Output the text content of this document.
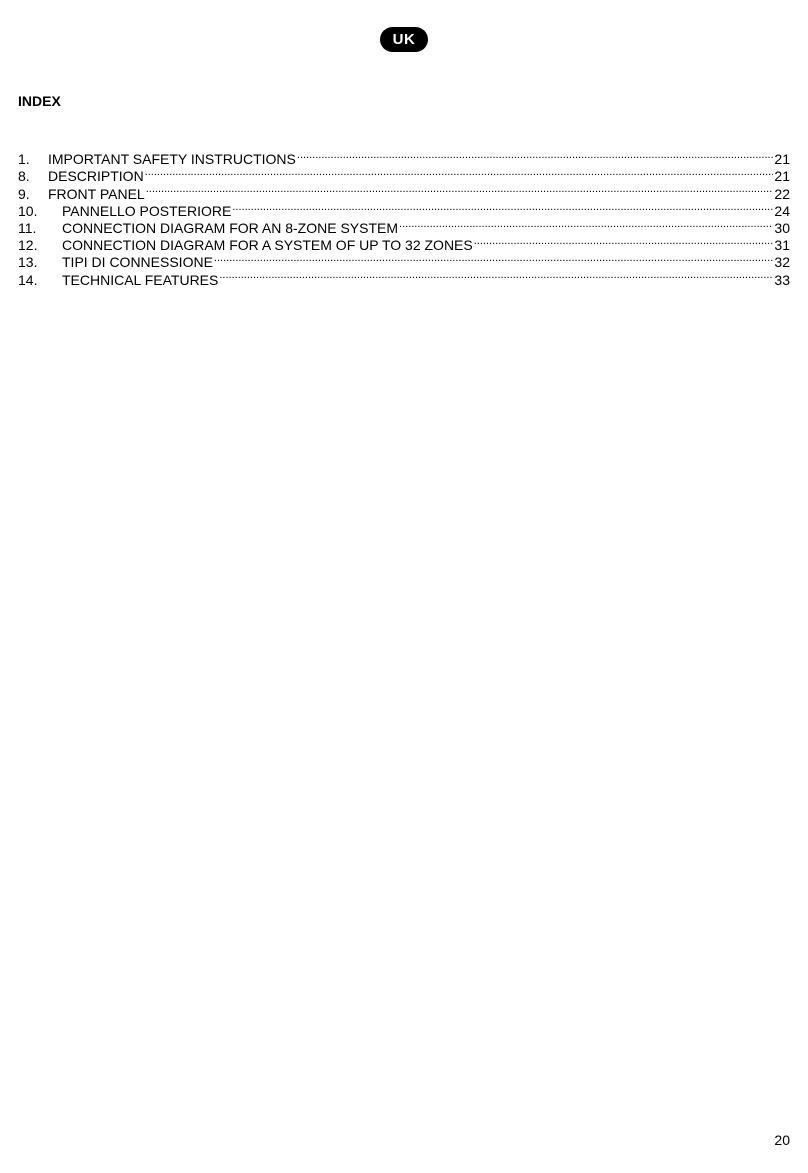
UK
INDEX
1.	IMPORTANT SAFETY INSTRUCTIONS .....	21
8.	DESCRIPTION .....	21
9.	FRONT PANEL .....	22
10.	PANNELLO POSTERIORE .....	24
11.	CONNECTION DIAGRAM FOR AN 8-ZONE SYSTEM .....	30
12.	CONNECTION DIAGRAM FOR A SYSTEM OF UP TO 32 ZONES .....	31
13.	TIPI DI CONNESSIONE .....	32
14.	TECHNICAL FEATURES .....	33
20
